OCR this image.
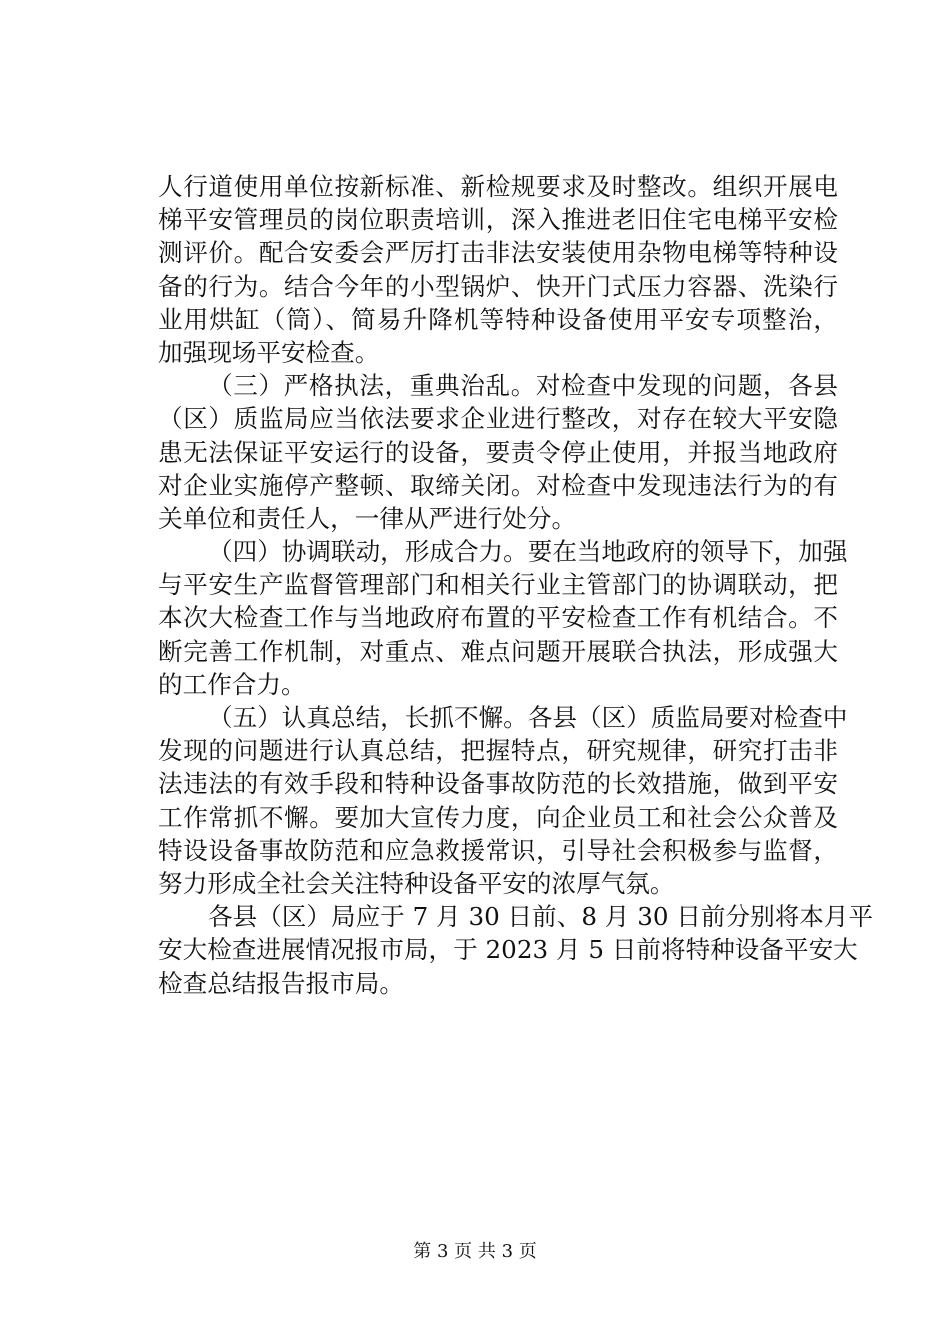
人行道使用单位按新标准、新检规要求及时整改。组织开展电
梯平安管理员的岗位职责培训，深入推进老旧住宅电梯平安检
测评价。配合安委会严厉打击非法安装使用杂物电梯等特种设
备的行为。结合今年的小型锅炉、快开门式压力容器、洗染行
业用烘缸（筒）、简易升降机等特种设备使用平安专项整治，
加强现场平安检查。
（三）严格执法，重典治乱。对检查中发现的问题，各县
（区）质监局应当依法要求企业进行整改，对存在较大平安隐
患无法保证平安运行的设备，要责令停止使用，并报当地政府
对企业实施停产整顿、取缔关闭。对检查中发现违法行为的有
关单位和责任人，一律从严进行处分。
（四）协调联动，形成合力。要在当地政府的领导下，加强
与平安生产监督管理部门和相关行业主管部门的协调联动，把
本次大检查工作与当地政府布置的平安检查工作有机结合。不
断完善工作机制，对重点、难点问题开展联合执法，形成强大
的工作合力。
（五）认真总结，长抓不懈。各县（区）质监局要对检查中
发现的问题进行认真总结，把握特点，研究规律，研究打击非
法违法的有效手段和特种设备事故防范的长效措施，做到平安
工作常抓不懈。要加大宣传力度，向企业员工和社会公众普及
特设设备事故防范和应急救援常识，引导社会积极参与监督，
努力形成全社会关注特种设备平安的浓厚气氛。
各县（区）局应于 7 月 30 日前、8 月 30 日前分别将本月平
安大检查进展情况报市局，于 2023 月 5 日前将特种设备平安大
检查总结报告报市局。
第 3 页 共 3 页
